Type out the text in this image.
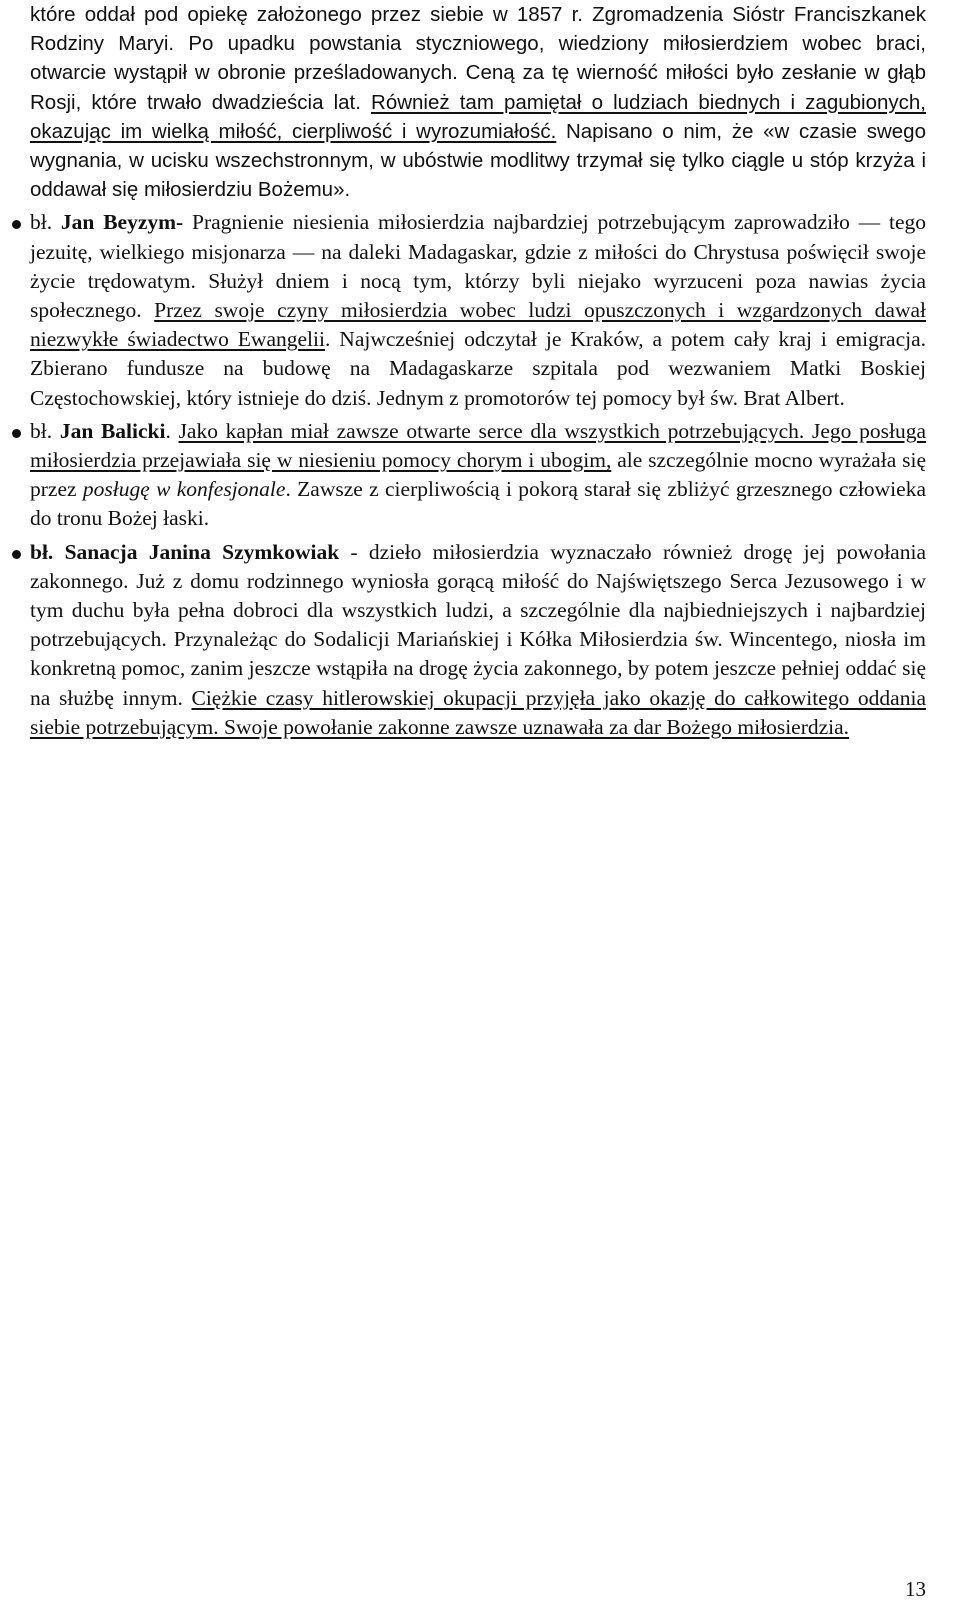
które oddał pod opiekę założonego przez siebie w 1857 r. Zgromadzenia Sióstr Franciszkanek Rodziny Maryi. Po upadku powstania styczniowego, wiedziony miłosierdziem wobec braci, otwarcie wystąpił w obronie prześladowanych. Ceną za tę wierność miłości było zesłanie w głąb Rosji, które trwało dwadzieścia lat. Również tam pamiętał o ludziach biednych i zagubionych, okazując im wielką miłość, cierpliwość i wyrozumiałość. Napisano o nim, że «w czasie swego wygnania, w ucisku wszechstronnym, w ubóstwie modlitwy trzymał się tylko ciągle u stóp krzyża i oddawał się miłosierdziu Bożemu».

bł. Jan Beyzym- Pragnienie niesienia miłosierdzia najbardziej potrzebującym zaprowadziło — tego jezuitę, wielkiego misjonarza — na daleki Madagaskar, gdzie z miłości do Chrystusa poświęcił swoje życie trędowatym. Służył dniem i nocą tym, którzy byli niejako wyrzuceni poza nawias życia społecznego. Przez swoje czyny miłosierdzia wobec ludzi opuszczonych i wzgardzonych dawał niezwykłe świadectwo Ewangelii. Najwcześniej odczytał je Kraków, a potem cały kraj i emigracja. Zbierano fundusze na budowę na Madagaskarze szpitala pod wezwaniem Matki Boskiej Częstochowskiej, który istnieje do dziś. Jednym z promotorów tej pomocy był św. Brat Albert.
bł. Jan Balicki. Jako kapłan miał zawsze otwarte serce dla wszystkich potrzebujących. Jego posługa miłosierdzia przejawiała się w niesieniu pomocy chorym i ubogim, ale szczególnie mocno wyrażała się przez posługę w konfesjonale. Zawsze z cierpliwością i pokorą starał się zbliżyć grzesznego człowieka do tronu Bożej łaski.
bł. Sanacja Janina Szymkowiak - dzieło miłosierdzia wyznaczało również drogę jej powołania zakonnego. Już z domu rodzinnego wyniosła gorącą miłość do Najświętszego Serca Jezusowego i w tym duchu była pełna dobroci dla wszystkich ludzi, a szczególnie dla najbiedniejszych i najbardziej potrzebujących. Przynależąc do Sodalicji Mariańskiej i Kółka Miłosierdzia św. Wincentego, niosła im konkretną pomoc, zanim jeszcze wstąpiła na drogę życia zakonnego, by potem jeszcze pełniej oddać się na służbę innym. Ciężkie czasy hitlerowskiej okupacji przyjęła jako okazję do całkowitego oddania siebie potrzebującym. Swoje powołanie zakonne zawsze uznawała za dar Bożego miłosierdzia.
13
